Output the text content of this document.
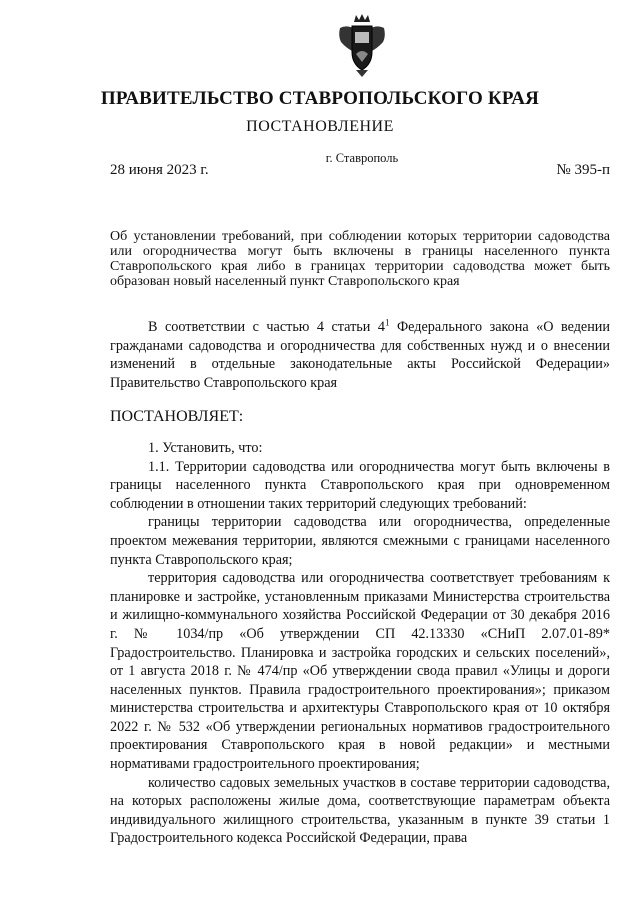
ПРАВИТЕЛЬСТВО СТАВРОПОЛЬСКОГО КРАЯ
ПОСТАНОВЛЕНИЕ
г. Ставрополь
28 июня 2023 г.	№ 395-п
Об установлении требований, при соблюдении которых территории садоводства или огородничества могут быть включены в границы населенного пункта Ставропольского края либо в границах территории садоводства может быть образован новый населенный пункт Ставропольского края

В соответствии с частью 4 статьи $4^1$ Федерального закона «О ведении гражданами садоводства и огородничества для собственных нужд и о внесении изменений в отдельные законодательные акты Российской Федерации» Правительство Ставропольского края

ПОСТАНОВЛЯЕТ:

1. Установить, что:

1.1. Территории садоводства или огородничества могут быть включены в границы населенного пункта Ставропольского края при одновременном соблюдении в отношении таких территорий следующих требований:

границы территории садоводства или огородничества, определенные проектом межевания территории, являются смежными с границами населенного пункта Ставропольского края;

территория садоводства или огородничества соответствует требованиям к планировке и застройке, установленным приказами Министерства строительства и жилищно-коммунального хозяйства Российской Федерации от 30 декабря 2016 г. № 1034/пр «Об утверждении СП 42.13330 «СНиП 2.07.01-89* Градостроительство. Планировка и застройка городских и сельских поселений», от 1 августа 2018 г. № 474/пр «Об утверждении свода правил «Улицы и дороги населенных пунктов. Правила градостроительного проектирования»; приказом министерства строительства и архитектуры Ставропольского края от 10 октября 2022 г. № 532 «Об утверждении региональных нормативов градостроительного проектирования Ставропольского края в новой редакции» и местными нормативами градостроительного проектирования;

количество садовых земельных участков в составе территории садоводства, на которых расположены жилые дома, соответствующие параметрам объекта индивидуального жилищного строительства, указанным в пункте 39 статьи 1 Градостроительного кодекса Российской Федерации, права
